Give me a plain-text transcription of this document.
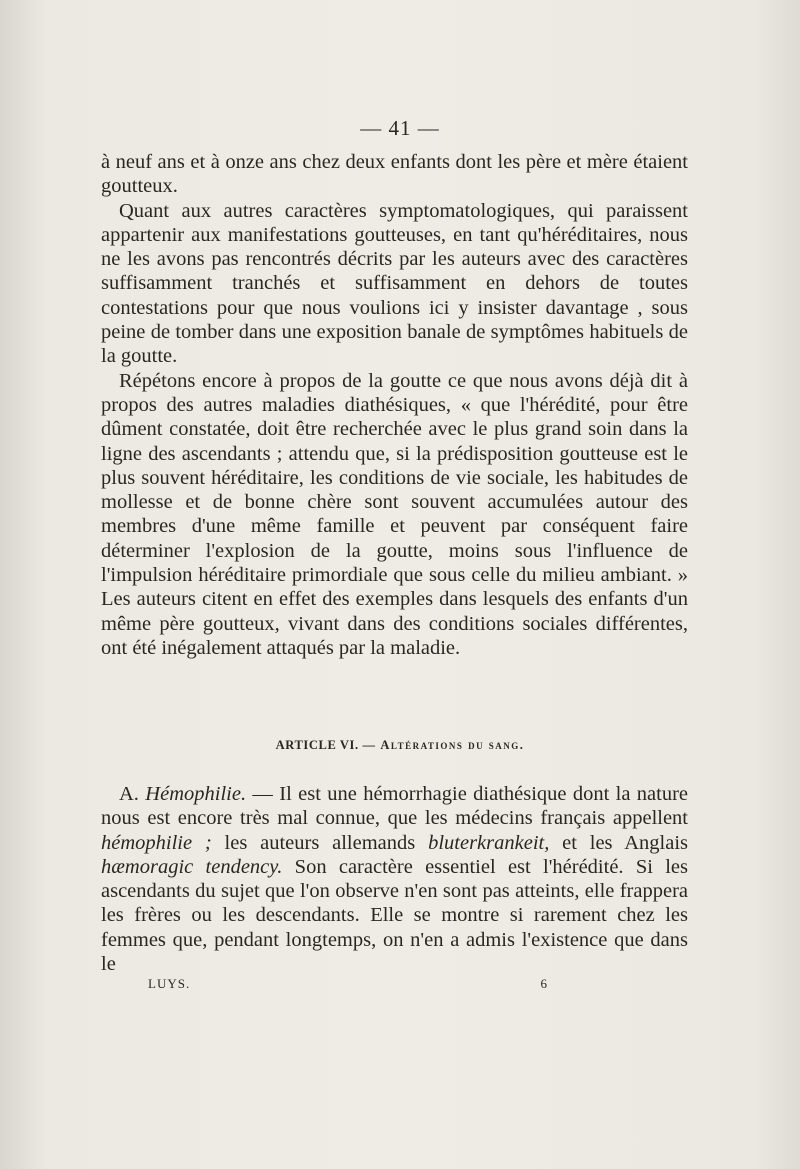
— 41 —

à neuf ans et à onze ans chez deux enfants dont les père et mère étaient goutteux.

Quant aux autres caractères symptomatologiques, qui paraissent appartenir aux manifestations goutteuses, en tant qu'héréditaires, nous ne les avons pas rencontrés décrits par les auteurs avec des caractères suffisamment tranchés et suffisamment en dehors de toutes contestations pour que nous voulions ici y insister davantage , sous peine de tomber dans une exposition banale de symptômes habituels de la goutte.

Répétons encore à propos de la goutte ce que nous avons déjà dit à propos des autres maladies diathésiques, « que l'hérédité, pour être dûment constatée, doit être recherchée avec le plus grand soin dans la ligne des ascendants ; attendu que, si la prédisposition goutteuse est le plus souvent héréditaire, les conditions de vie sociale, les habitudes de mollesse et de bonne chère sont souvent accumulées autour des membres d'une même famille et peuvent par conséquent faire déterminer l'explosion de la goutte, moins sous l'influence de l'impulsion héréditaire primordiale que sous celle du milieu ambiant. » Les auteurs citent en effet des exemples dans lesquels des enfants d'un même père goutteux, vivant dans des conditions sociales différentes, ont été inégalement attaqués par la maladie.

ARTICLE VI. — Altérations du sang.

A. Hémophilie. — Il est une hémorrhagie diathésique dont la nature nous est encore très mal connue, que les médecins français appellent hémophilie ; les auteurs allemands bluterkrankeit, et les Anglais hæmoragic tendency. Son caractère essentiel est l'hérédité. Si les ascendants du sujet que l'on observe n'en sont pas atteints, elle frappera les frères ou les descendants. Elle se montre si rarement chez les femmes que, pendant longtemps, on n'en a admis l'existence que dans le

LUYS.	6
